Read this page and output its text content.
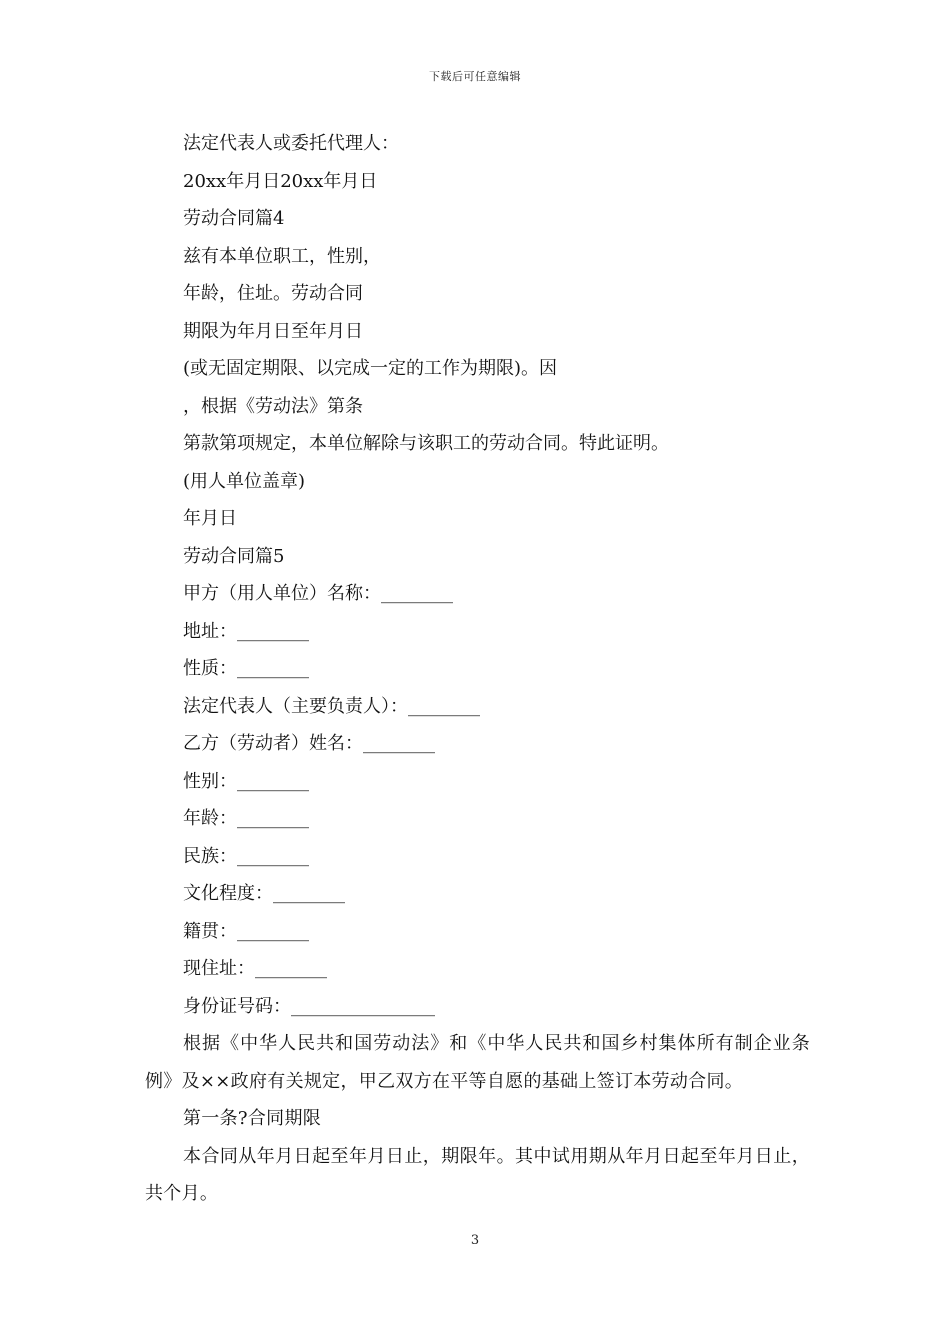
下载后可任意编辑
法定代表人或委托代理人：
20xx年月日20xx年月日
劳动合同篇4
兹有本单位职工，性别，
年龄，住址。劳动合同
期限为年月日至年月日
(或无固定期限、以完成一定的工作为期限)。因
，根据《劳动法》第条
第款第项规定，本单位解除与该职工的劳动合同。特此证明。
(用人单位盖章)
年月日
劳动合同篇5
甲方（用人单位）名称：________
地址：________
性质：________
法定代表人（主要负责人）：________
乙方（劳动者）姓名：________
性别：________
年龄：________
民族：________
文化程度：________
籍贯：________
现住址：________
身份证号码：________________
根据《中华人民共和国劳动法》和《中华人民共和国乡村集体所有制企业条例》及××政府有关规定，甲乙双方在平等自愿的基础上签订本劳动合同。
第一条?合同期限
本合同从年月日起至年月日止，期限年。其中试用期从年月日起至年月日止，共个月。
3
